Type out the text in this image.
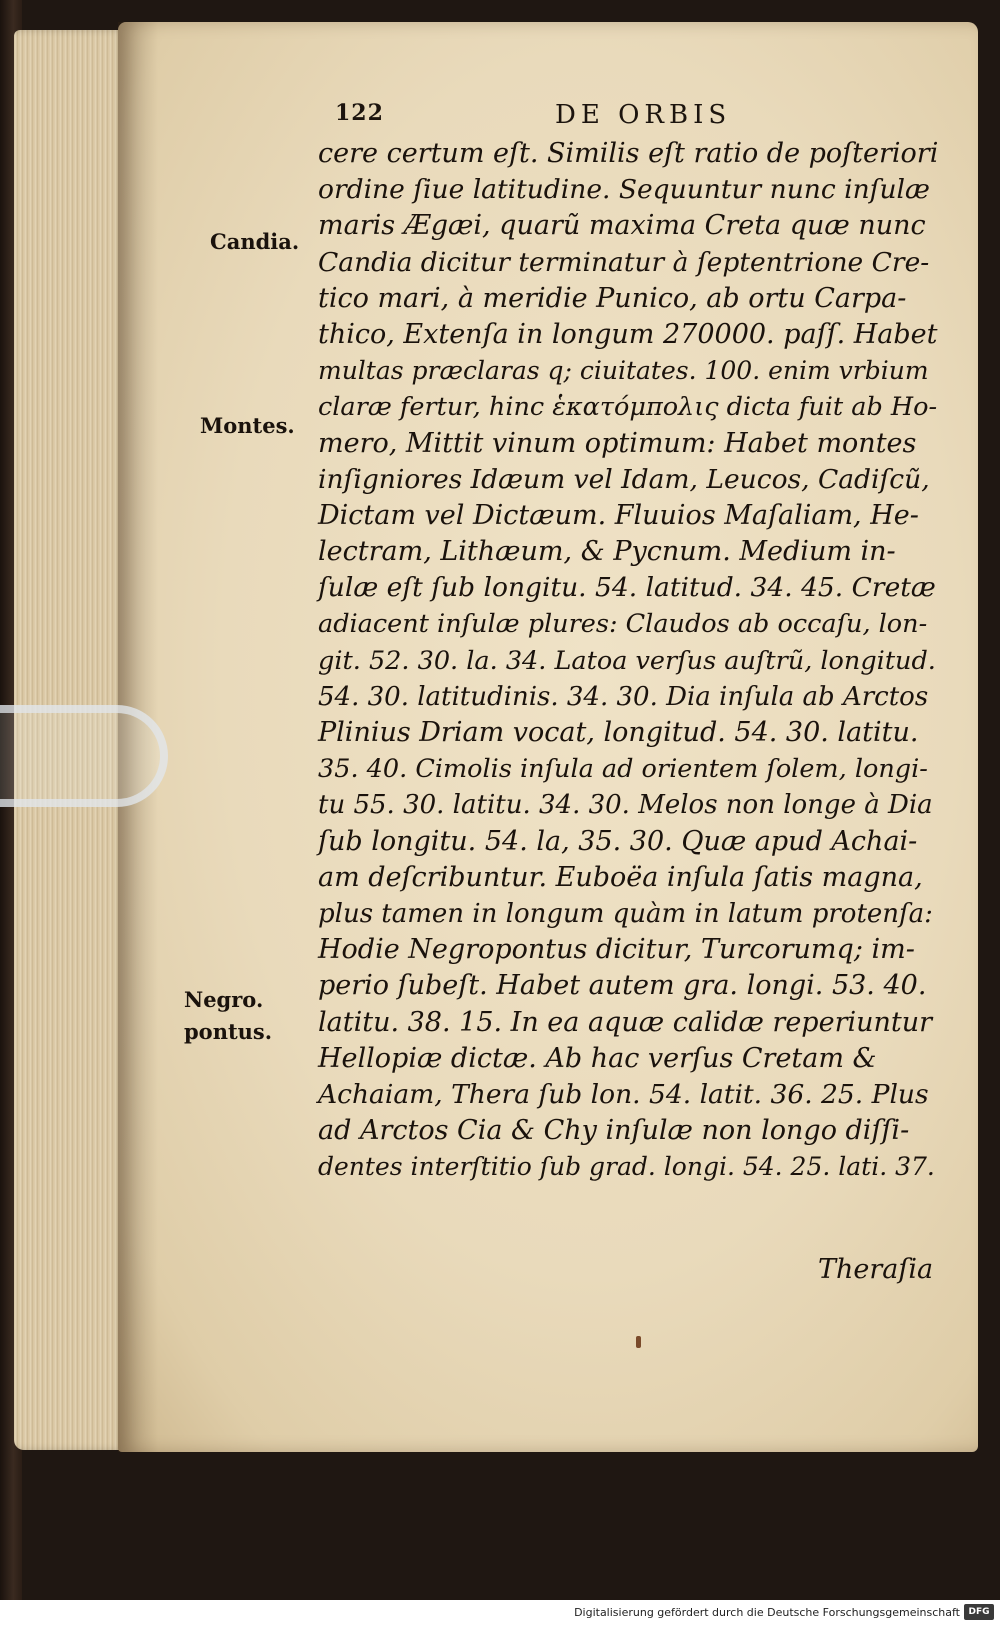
122	DE ORBIS
Candia.
Montes.
Negro.
pontus.
cere certum eſt. Similis eſt ratio de poſteriori
ordine ſiue latitudine. Sequuntur nunc inſulæ
maris Ægæi, quarũ maxima Creta quæ nunc
Candia dicitur terminatur à ſeptentrione Cre-
tico mari, à meridie Punico, ab ortu Carpa-
thico, Extenſa in longum 270000. paſſ. Habet
multas præclaras q; ciuitates. 100. enim vrbium
claræ fertur, hinc ἑκατόμπολις dicta fuit ab Ho-
mero, Mittit vinum optimum: Habet montes
inſigniores Idæum vel Idam, Leucos, Cadiſcũ,
Dictam vel Dictæum. Fluuios Maſaliam, He-
lectram, Lithæum, & Pycnum. Medium in-
ſulæ eſt ſub longitu. 54. latitud. 34. 45. Cretæ
adiacent inſulæ plures: Claudos ab occaſu, lon-
git. 52. 30. la. 34. Latoa verſus auſtrũ, longitud.
54. 30. latitudinis. 34. 30. Dia inſula ab Arctos
Plinius Driam vocat, longitud. 54. 30. latitu.
35. 40. Cimolis inſula ad orientem ſolem, longi-
tu 55. 30. latitu. 34. 30. Melos non longe à Dia
ſub longitu. 54. la, 35. 30. Quæ apud Achai-
am deſcribuntur. Euboëa inſula ſatis magna,
plus tamen in longum quàm in latum protenſa:
Hodie Negropontus dicitur, Turcorumq; im-
perio ſubeſt. Habet autem gra. longi. 53. 40.
latitu. 38. 15. In ea aquæ calidæ reperiuntur
Hellopiæ dictæ. Ab hac verſus Cretam &
Achaiam, Thera ſub lon. 54. latit. 36. 25. Plus
ad Arctos Cia & Chy inſulæ non longo diſſi-
dentes interſtitio ſub grad. longi. 54. 25. lati. 37.
Theraſia
Digitalisierung gefördert durch die Deutsche Forschungsgemeinschaft DFG
